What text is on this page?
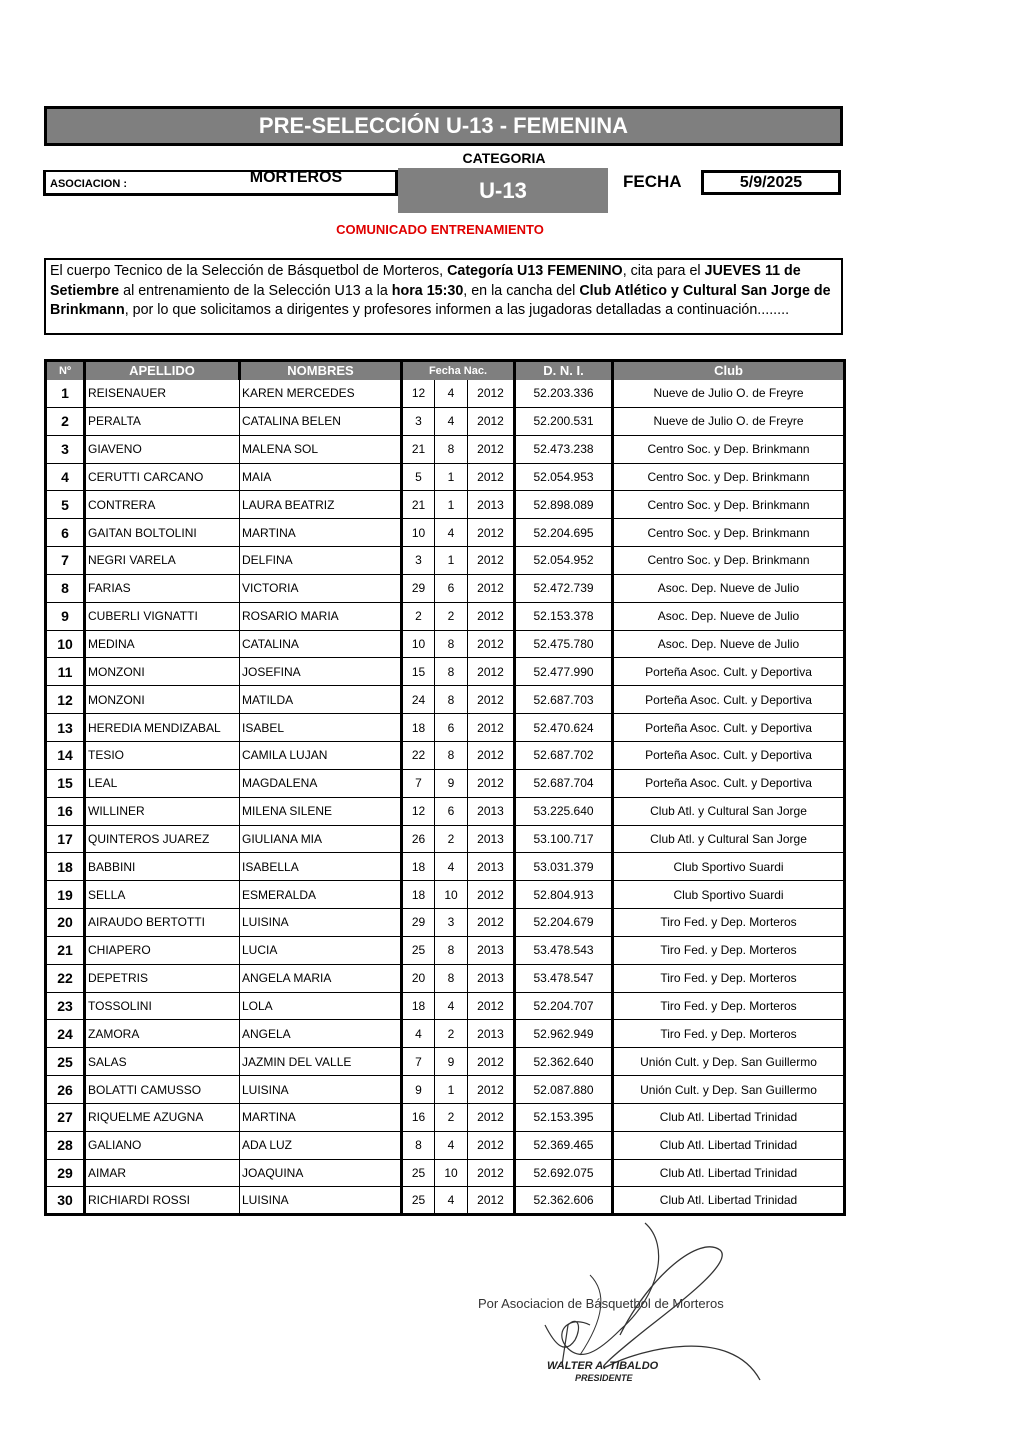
PRE-SELECCIÓN U-13 - FEMENINA
CATEGORIA
ASOCIACION :	MORTEROS	U-13	FECHA	5/9/2025
COMUNICADO ENTRENAMIENTO
El cuerpo Tecnico de la Selección de Básquetbol de Morteros, Categoría U13 FEMENINO, cita para el JUEVES 11 de Setiembre al entrenamiento de la Selección U13 a la hora 15:30, en la cancha del Club Atlético y Cultural San Jorge de Brinkmann, por lo que solicitamos a dirigentes y profesores informen a las jugadoras detalladas a continuación........
Nº	APELLIDO	NOMBRES	Fecha Nac.			D. N. I.	Club
1	REISENAUER	KAREN MERCEDES	12	4	2012	52.203.336	Nueve de Julio O. de Freyre
2	PERALTA	CATALINA BELEN	3	4	2012	52.200.531	Nueve de Julio O. de Freyre
3	GIAVENO	MALENA SOL	21	8	2012	52.473.238	Centro Soc. y Dep. Brinkmann
4	CERUTTI CARCANO	MAIA	5	1	2012	52.054.953	Centro Soc. y Dep. Brinkmann
5	CONTRERA	LAURA BEATRIZ	21	1	2013	52.898.089	Centro Soc. y Dep. Brinkmann
6	GAITAN BOLTOLINI	MARTINA	10	4	2012	52.204.695	Centro Soc. y Dep. Brinkmann
7	NEGRI VARELA	DELFINA	3	1	2012	52.054.952	Centro Soc. y Dep. Brinkmann
8	FARIAS	VICTORIA	29	6	2012	52.472.739	Asoc. Dep. Nueve de Julio
9	CUBERLI VIGNATTI	ROSARIO MARIA	2	2	2012	52.153.378	Asoc. Dep. Nueve de Julio
10	MEDINA	CATALINA	10	8	2012	52.475.780	Asoc. Dep. Nueve de Julio
11	MONZONI	JOSEFINA	15	8	2012	52.477.990	Porteña Asoc. Cult. y Deportiva
12	MONZONI	MATILDA	24	8	2012	52.687.703	Porteña Asoc. Cult. y Deportiva
13	HEREDIA MENDIZABAL	ISABEL	18	6	2012	52.470.624	Porteña Asoc. Cult. y Deportiva
14	TESIO	CAMILA LUJAN	22	8	2012	52.687.702	Porteña Asoc. Cult. y Deportiva
15	LEAL	MAGDALENA	7	9	2012	52.687.704	Porteña Asoc. Cult. y Deportiva
16	WILLINER	MILENA SILENE	12	6	2013	53.225.640	Club Atl. y Cultural San Jorge
17	QUINTEROS JUAREZ	GIULIANA MIA	26	2	2013	53.100.717	Club Atl. y Cultural San Jorge
18	BABBINI	ISABELLA	18	4	2013	53.031.379	Club Sportivo Suardi
19	SELLA	ESMERALDA	18	10	2012	52.804.913	Club Sportivo Suardi
20	AIRAUDO BERTOTTI	LUISINA	29	3	2012	52.204.679	Tiro Fed. y Dep. Morteros
21	CHIAPERO	LUCIA	25	8	2013	53.478.543	Tiro Fed. y Dep. Morteros
22	DEPETRIS	ANGELA MARIA	20	8	2013	53.478.547	Tiro Fed. y Dep. Morteros
23	TOSSOLINI	LOLA	18	4	2012	52.204.707	Tiro Fed. y Dep. Morteros
24	ZAMORA	ANGELA	4	2	2013	52.962.949	Tiro Fed. y Dep. Morteros
25	SALAS	JAZMIN DEL VALLE	7	9	2012	52.362.640	Unión Cult. y Dep. San Guillermo
26	BOLATTI CAMUSSO	LUISINA	9	1	2012	52.087.880	Unión Cult. y Dep. San Guillermo
27	RIQUELME AZUGNA	MARTINA	16	2	2012	52.153.395	Club Atl. Libertad Trinidad
28	GALIANO	ADA LUZ	8	4	2012	52.369.465	Club Atl. Libertad Trinidad
29	AIMAR	JOAQUINA	25	10	2012	52.692.075	Club Atl. Libertad Trinidad
30	RICHIARDI ROSSI	LUISINA	25	4	2012	52.362.606	Club Atl. Libertad Trinidad
Por Asociacion de Básquetbol de Morteros
WALTER A. TIBALDO
PRESIDENTE
